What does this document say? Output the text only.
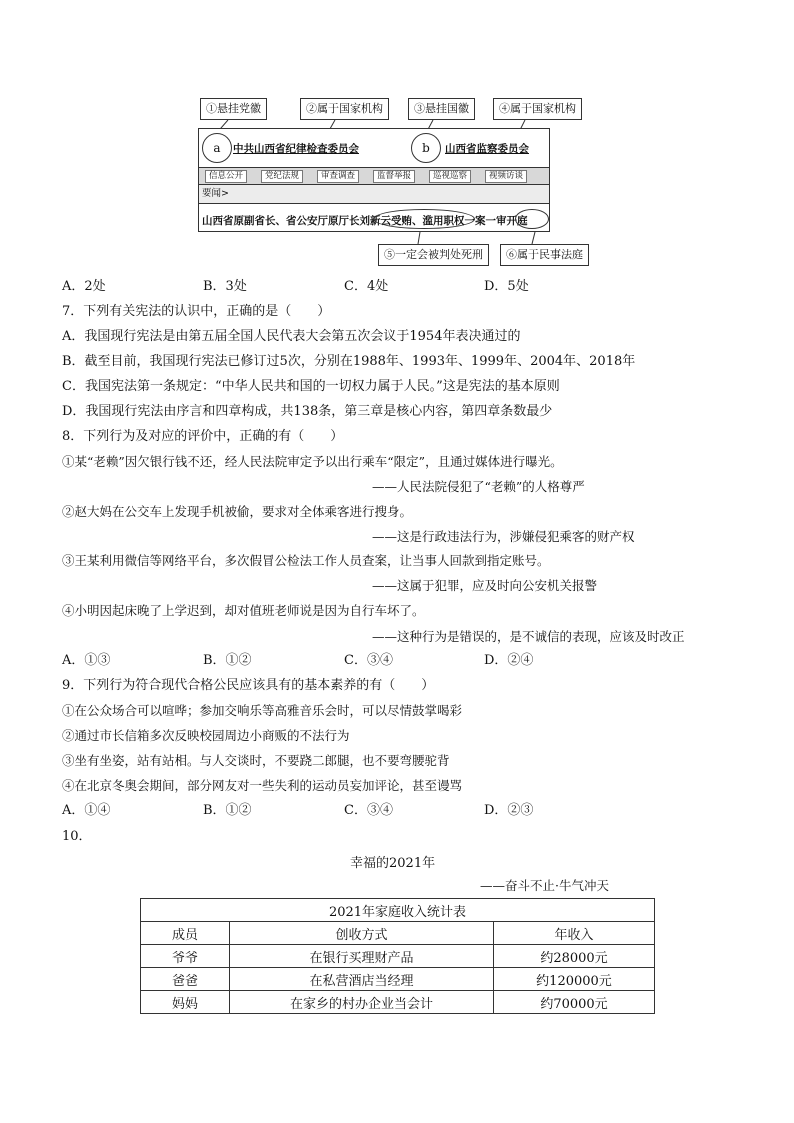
①悬挂党徽	②属于国家机构	③悬挂国徽	④属于国家机构
a	中共山西省纪律检查委员会	b	山西省监察委员会
信息公开	党纪法规	审查调查	监督举报	巡视巡察	视频访谈
要闻>
山西省原副省长、省公安厅原厅长刘新云受贿、滥用职权一案一审开庭
⑤一定会被判处死刑	⑥属于民事法庭
A．2处	B．3处	C．4处	D．5处
7．下列有关宪法的认识中，正确的是（　　）
A．我国现行宪法是由第五届全国人民代表大会第五次会议于1954年表决通过的
B．截至目前，我国现行宪法已修订过5次，分别在1988年、1993年、1999年、2004年、2018年
C．我国宪法第一条规定：“中华人民共和国的一切权力属于人民。”这是宪法的基本原则
D．我国现行宪法由序言和四章构成，共138条，第三章是核心内容，第四章条数最少
8．下列行为及对应的评价中，正确的有（　　）
①某“老赖”因欠银行钱不还，经人民法院审定予以出行乘车“限定”，且通过媒体进行曝光。
——人民法院侵犯了“老赖”的人格尊严
②赵大妈在公交车上发现手机被偷，要求对全体乘客进行搜身。
——这是行政违法行为，涉嫌侵犯乘客的财产权
③王某利用微信等网络平台，多次假冒公检法工作人员查案，让当事人回款到指定账号。
——这属于犯罪，应及时向公安机关报警
④小明因起床晚了上学迟到，却对值班老师说是因为自行车坏了。
——这种行为是错误的，是不诚信的表现，应该及时改正
A．①③	B．①②	C．③④	D．②④
9．下列行为符合现代合格公民应该具有的基本素养的有（　　）
①在公众场合可以喧哗；参加交响乐等高雅音乐会时，可以尽情鼓掌喝彩
②通过市长信箱多次反映校园周边小商贩的不法行为
③坐有坐姿，站有站相。与人交谈时，不要跷二郎腿，也不要弯腰驼背
④在北京冬奥会期间，部分网友对一些失利的运动员妄加评论，甚至谩骂
A．①④	B．①②	C．③④	D．②③
10．
幸福的2021年
——奋斗不止·牛气冲天
2021年家庭收入统计表		
成员	创收方式	年收入
爷爷	在银行买理财产品	约28000元
爸爸	在私营酒店当经理	约120000元
妈妈	在家乡的村办企业当会计	约70000元
